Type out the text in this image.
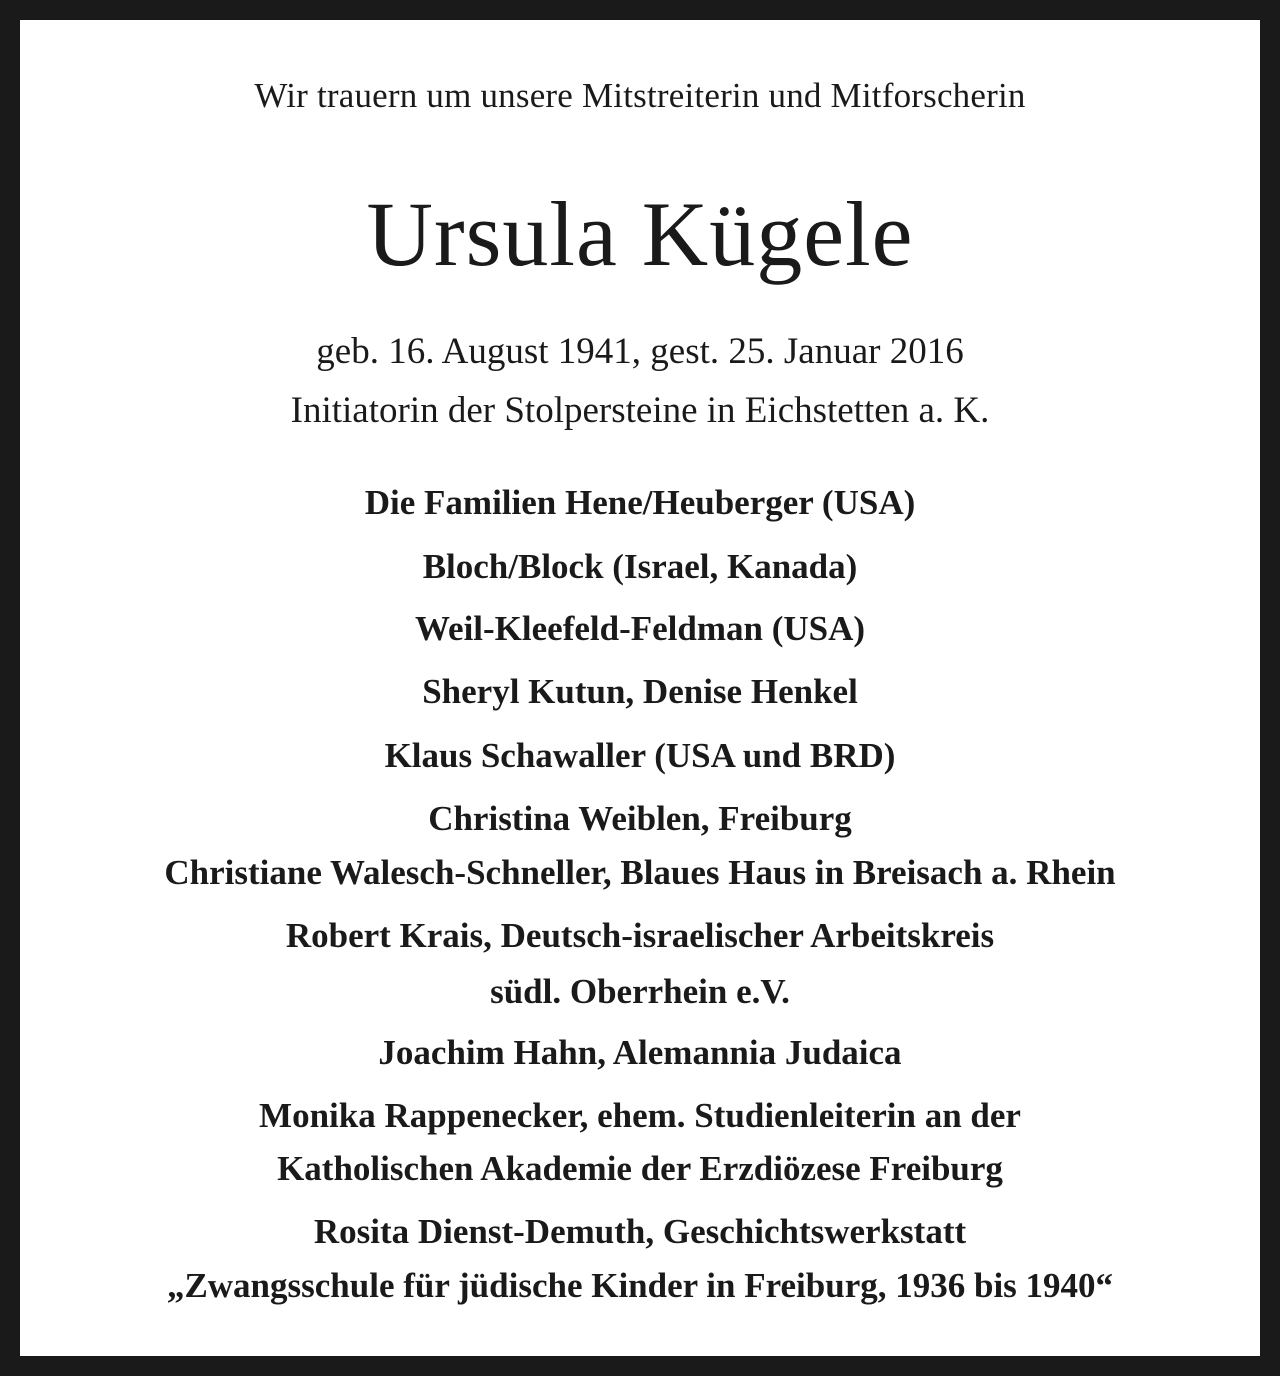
Wir trauern um unsere Mitstreiterin und Mitforscherin
Ursula Kügele
geb. 16. August 1941, gest. 25. Januar 2016
Initiatorin der Stolpersteine in Eichstetten a. K.
Die Familien Hene/Heuberger (USA)
Bloch/Block (Israel, Kanada)
Weil-Kleefeld-Feldman (USA)
Sheryl Kutun, Denise Henkel
Klaus Schawaller (USA und BRD)
Christina Weiblen, Freiburg
Christiane Walesch-Schneller, Blaues Haus in Breisach a. Rhein
Robert Krais, Deutsch-israelischer Arbeitskreis
südl. Oberrhein e.V.
Joachim Hahn, Alemannia Judaica
Monika Rappenecker, ehem. Studienleiterin an der
Katholischen Akademie der Erzdiözese Freiburg
Rosita Dienst-Demuth, Geschichtswerkstatt
„Zwangsschule für jüdische Kinder in Freiburg, 1936 bis 1940“
